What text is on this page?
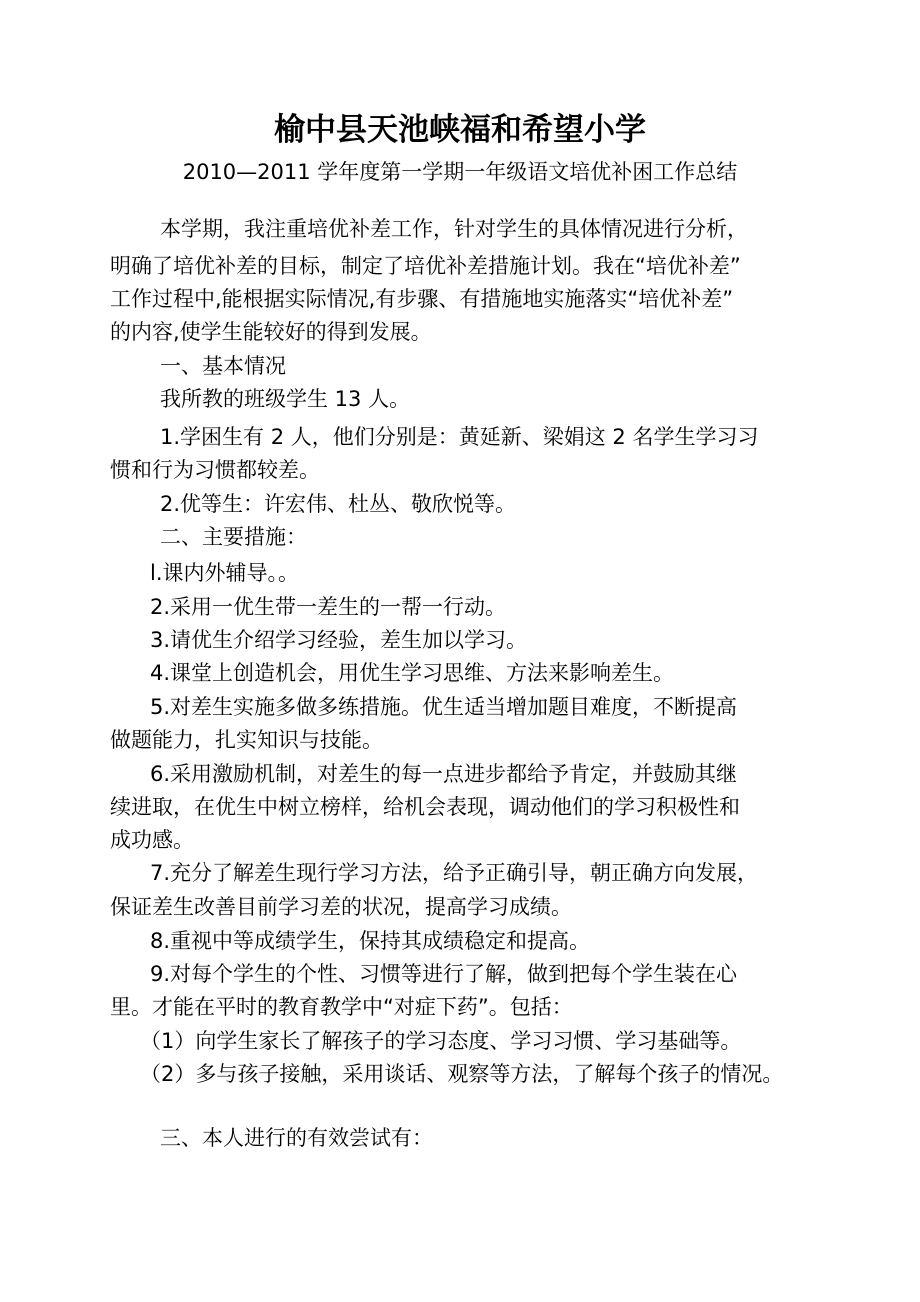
榆中县天池峡福和希望小学
2010—2011 学年度第一学期一年级语文培优补困工作总结
本学期，我注重培优补差工作，针对学生的具体情况进行分析，
明确了培优补差的目标，制定了培优补差措施计划。我在“培优补差”
工作过程中,能根据实际情况,有步骤、有措施地实施落实“培优补差”
的内容,使学生能较好的得到发展。
一、基本情况
我所教的班级学生 13 人。
1.学困生有 2 人，他们分别是：黄延新、梁娟这 2 名学生学习习
惯和行为习惯都较差。
2.优等生：许宏伟、杜丛、敬欣悦等。
二、主要措施：
l.课内外辅导。。
2.采用一优生带一差生的一帮一行动。
3.请优生介绍学习经验，差生加以学习。
4.课堂上创造机会，用优生学习思维、方法来影响差生。
5.对差生实施多做多练措施。优生适当增加题目难度，不断提高
做题能力，扎实知识与技能。
6.采用激励机制，对差生的每一点进步都给予肯定，并鼓励其继
续进取，在优生中树立榜样，给机会表现，调动他们的学习积极性和
成功感。
7.充分了解差生现行学习方法，给予正确引导，朝正确方向发展，
保证差生改善目前学习差的状况，提高学习成绩。
8.重视中等成绩学生，保持其成绩稳定和提高。
9.对每个学生的个性、习惯等进行了解，做到把每个学生装在心
里。才能在平时的教育教学中“对症下药”。包括：
（1）向学生家长了解孩子的学习态度、学习习惯、学习基础等。
（2）多与孩子接触，采用谈话、观察等方法，了解每个孩子的情况。
三、本人进行的有效尝试有：
